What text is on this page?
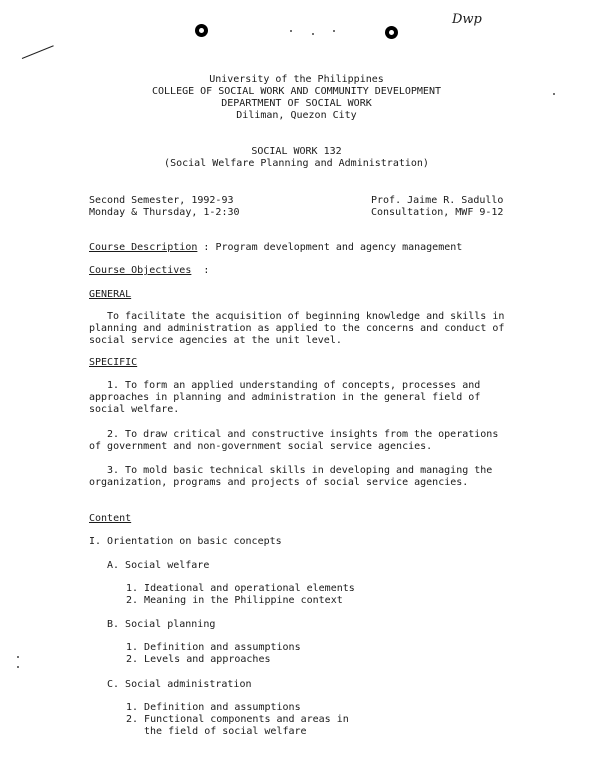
Dwp
University of the Philippines
COLLEGE OF SOCIAL WORK AND COMMUNITY DEVELOPMENT
DEPARTMENT OF SOCIAL WORK
Diliman, Quezon City
SOCIAL WORK 132
(Social Welfare Planning and Administration)
Second Semester, 1992-93
Monday & Thursday, 1-2:30
Prof. Jaime R. Sadullo
Consultation, MWF 9-12
Course Description : Program development and agency management
Course Objectives :
GENERAL
To facilitate the acquisition of beginning knowledge and skills in planning and administration as applied to the concerns and conduct of social service agencies at the unit level.
SPECIFIC
1. To form an applied understanding of concepts, processes and approaches in planning and administration in the general field of social welfare.
2. To draw critical and constructive insights from the operations of government and non-government social service agencies.
3. To mold basic technical skills in developing and managing the organization, programs and projects of social service agencies.
Content
I. Orientation on basic concepts
A. Social welfare
1. Ideational and operational elements
2. Meaning in the Philippine context
B. Social planning
1. Definition and assumptions
2. Levels and approaches
C. Social administration
1. Definition and assumptions
2. Functional components and areas in
the field of social welfare
